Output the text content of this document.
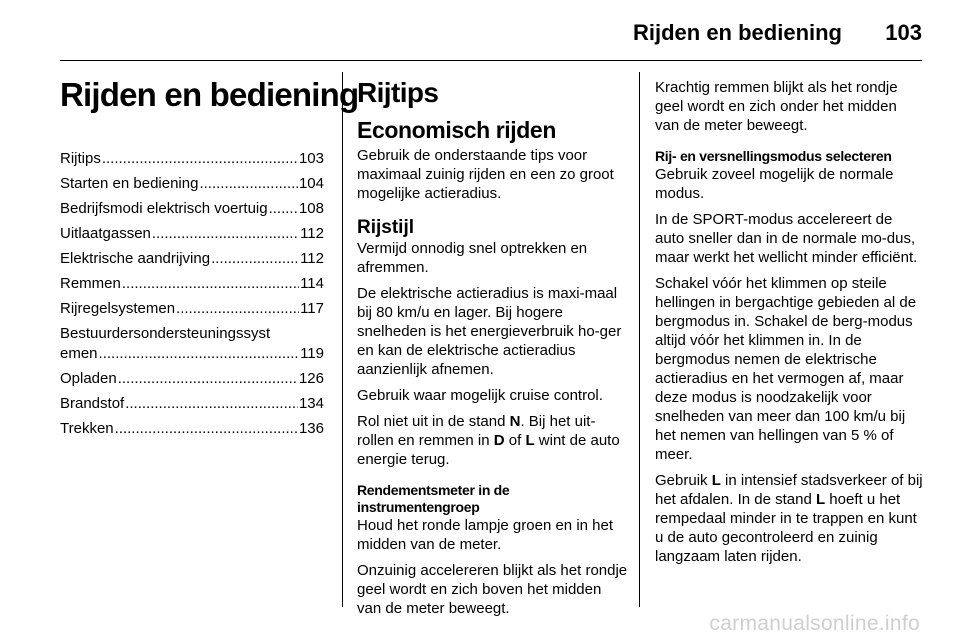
Rijden en bediening 103
Rijden en bediening
Rijtips .....	103
Starten en bediening .....	104
Bedrijfsmodi elektrisch voertuig ..... 108
Uitlaatgassen .....	112
Elektrische aandrijving .....	112
Remmen .....	114
Rijregelsystemen .....	117
Bestuurdersondersteuningssyst
emen .....	119
Opladen .....	126
Brandstof .....	134
Trekken .....	136
Rijtips
Economisch rijden
Gebruik de onderstaande tips voor maximaal zuinig rijden en een zo groot mogelijke actieradius.
Rijstijl
Vermijd onnodig snel optrekken en afremmen.
De elektrische actieradius is maxi-maal bij 80 km/u en lager. Bij hogere snelheden is het energieverbruik ho-ger en kan de elektrische actieradius aanzienlijk afnemen.
Gebruik waar mogelijk cruise control.
Rol niet uit in de stand N. Bij het uit-rollen en remmen in D of L wint de auto energie terug.
Rendementsmeter in de instrumentengroep
Houd het ronde lampje groen en in het midden van de meter.
Onzuinig accelereren blijkt als het rondje geel wordt en zich boven het midden van de meter beweegt.
Krachtig remmen blijkt als het rondje geel wordt en zich onder het midden van de meter beweegt.
Rij- en versnellingsmodus selecteren
Gebruik zoveel mogelijk de normale modus.
In de SPORT-modus accelereert de auto sneller dan in de normale mo-dus, maar werkt het wellicht minder efficiënt.
Schakel vóór het klimmen op steile hellingen in bergachtige gebieden al de bergmodus in. Schakel de berg-modus altijd vóór het klimmen in. In de bergmodus nemen de elektrische actieradius en het vermogen af, maar deze modus is noodzakelijk voor snelheden van meer dan 100 km/u bij het nemen van hellingen van 5 % of meer.
Gebruik L in intensief stadsverkeer of bij het afdalen. In de stand L hoeft u het rempedaal minder in te trappen en kunt u de auto gecontroleerd en zuinig langzaam laten rijden.
carmanualsonline.info
